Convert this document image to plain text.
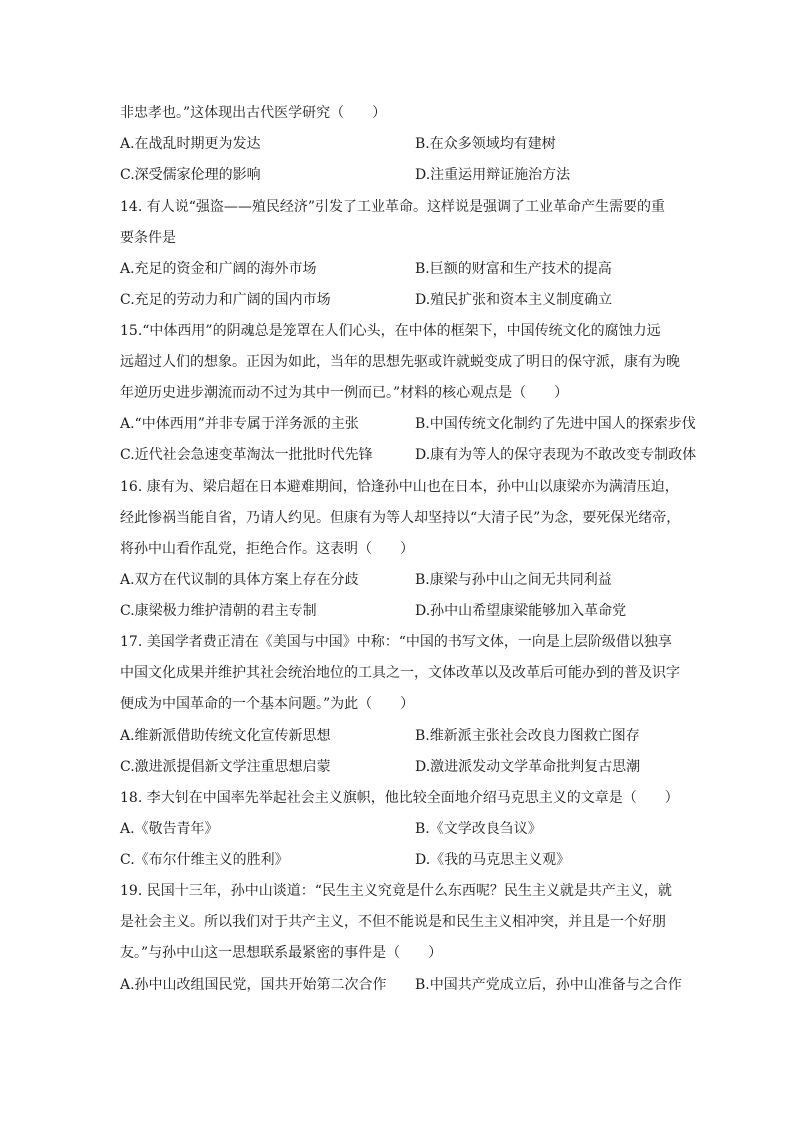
非忠孝也。”这体现出古代医学研究（　　）
A.在战乱时期更为发达	B.在众多领域均有建树
C.深受儒家伦理的影响	D.注重运用辩证施治方法
14. 有人说“强盗——殖民经济”引发了工业革命。这样说是强调了工业革命产生需要的重
要条件是
A.充足的资金和广阔的海外市场	B.巨额的财富和生产技术的提高
C.充足的劳动力和广阔的国内市场	D.殖民扩张和资本主义制度确立
15.“中体西用”的阴魂总是笼罩在人们心头，在中体的框架下，中国传统文化的腐蚀力远
远超过人们的想象。正因为如此，当年的思想先驱或许就蜕变成了明日的保守派，康有为晚
年逆历史进步潮流而动不过为其中一例而已。”材料的核心观点是（　　）
A.“中体西用”并非专属于洋务派的主张	B.中国传统文化制约了先进中国人的探索步伐
C.近代社会急速变革淘汰一批批时代先锋	D.康有为等人的保守表现为不敢改变专制政体
16. 康有为、梁启超在日本避难期间，恰逢孙中山也在日本，孙中山以康梁亦为满清压迫，
经此惨祸当能自省，乃请人约见。但康有为等人却坚持以“大清子民”为念，要死保光绪帝，
将孙中山看作乱党，拒绝合作。这表明（　　）
A.双方在代议制的具体方案上存在分歧	B.康梁与孙中山之间无共同利益
C.康梁极力维护清朝的君主专制	D.孙中山希望康梁能够加入革命党
17. 美国学者费正清在《美国与中国》中称：“中国的书写文体，一向是上层阶级借以独享
中国文化成果并维护其社会统治地位的工具之一，文体改革以及改革后可能办到的普及识字
便成为中国革命的一个基本问题。”为此（　　）
A.维新派借助传统文化宣传新思想	B.维新派主张社会改良力图救亡图存
C.激进派提倡新文学注重思想启蒙	D.激进派发动文学革命批判复古思潮
18. 李大钊在中国率先举起社会主义旗帜，他比较全面地介绍马克思主义的文章是（　　）
A.《敬告青年》	B.《文学改良刍议》
C.《布尔什维主义的胜利》	D.《我的马克思主义观》
19. 民国十三年，孙中山谈道：“民生主义究竟是什么东西呢？民生主义就是共产主义，就
是社会主义。所以我们对于共产主义，不但不能说是和民生主义相冲突，并且是一个好朋
友。”与孙中山这一思想联系最紧密的事件是（　　）
A.孙中山改组国民党，国共开始第二次合作 B.中国共产党成立后，孙中山准备与之合作
